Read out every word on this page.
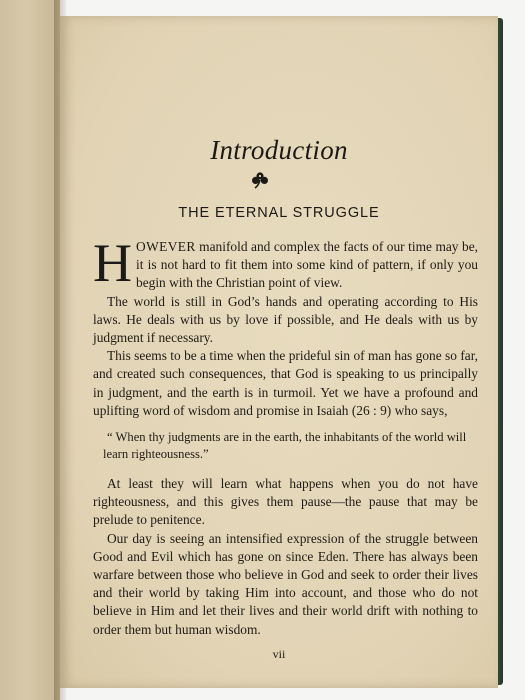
Introduction
THE ETERNAL STRUGGLE

HOWEVER manifold and complex the facts of our time may be, it is not hard to fit them into some kind of pattern, if only you begin with the Christian point of view.

The world is still in God’s hands and operating according to His laws. He deals with us by love if possible, and He deals with us by judgment if necessary.

This seems to be a time when the prideful sin of man has gone so far, and created such consequences, that God is speaking to us principally in judgment, and the earth is in turmoil. Yet we have a profound and uplifting word of wisdom and promise in Isaiah (26 : 9) who says,

“ When thy judgments are in the earth, the inhabitants of the world will learn righteousness.”

At least they will learn what happens when you do not have righteousness, and this gives them pause—the pause that may be prelude to penitence.

Our day is seeing an intensified expression of the struggle between Good and Evil which has gone on since Eden. There has always been warfare between those who believe in God and seek to order their lives and their world by taking Him into account, and those who do not believe in Him and let their lives and their world drift with nothing to order them but human wisdom.

vii
